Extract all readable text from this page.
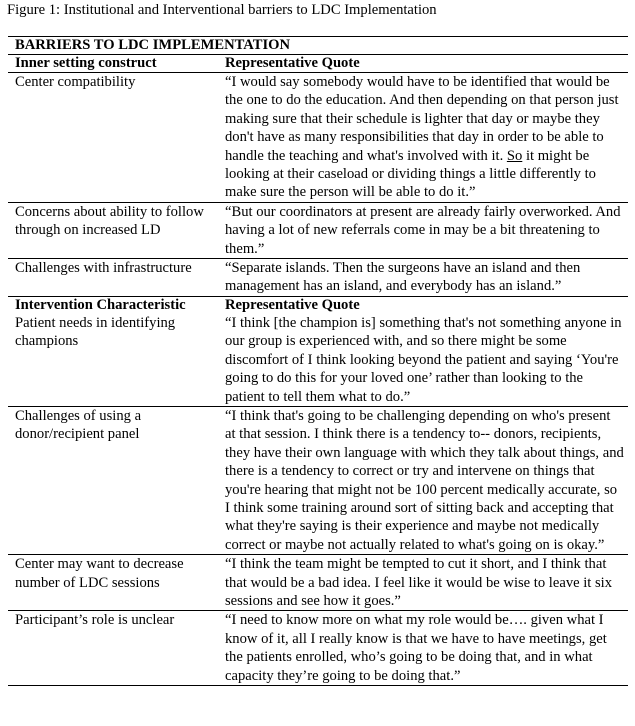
Figure 1: Institutional and Interventional barriers to LDC Implementation
BARRIERS TO LDC IMPLEMENTATION	
Inner setting construct	Representative Quote
Center compatibility	“I would say somebody would have to be identified that would be the one to do the education. And then depending on that person just making sure that their schedule is lighter that day or maybe they don't have as many responsibilities that day in order to be able to handle the teaching and what's involved with it. So it might be looking at their caseload or dividing things a little differently to make sure the person will be able to do it.”
Concerns about ability to follow through on increased LD	“But our coordinators at present are already fairly overworked. And having a lot of new referrals come in may be a bit threatening to them.”
Challenges with infrastructure	“Separate islands. Then the surgeons have an island and then management has an island, and everybody has an island.”
Intervention Characteristic	Representative Quote
Patient needs in identifying champions	“I think [the champion is] something that's not something anyone in our group is experienced with, and so there might be some discomfort of I think looking beyond the patient and saying ‘You're going to do this for your loved one’ rather than looking to the patient to tell them what to do.”
Challenges of using a donor/recipient panel	“I think that's going to be challenging depending on who's present at that session. I think there is a tendency to-- donors, recipients, they have their own language with which they talk about things, and there is a tendency to correct or try and intervene on things that you're hearing that might not be 100 percent medically accurate, so I think some training around sort of sitting back and accepting that what they're saying is their experience and maybe not medically correct or maybe not actually related to what's going on is okay.”
Center may want to decrease number of LDC sessions	“I think the team might be tempted to cut it short, and I think that that would be a bad idea. I feel like it would be wise to leave it six sessions and see how it goes.”
Participant’s role is unclear	“I need to know more on what my role would be…. given what I know of it, all I really know is that we have to have meetings, get the patients enrolled, who’s going to be doing that, and in what capacity they’re going to be doing that.”
